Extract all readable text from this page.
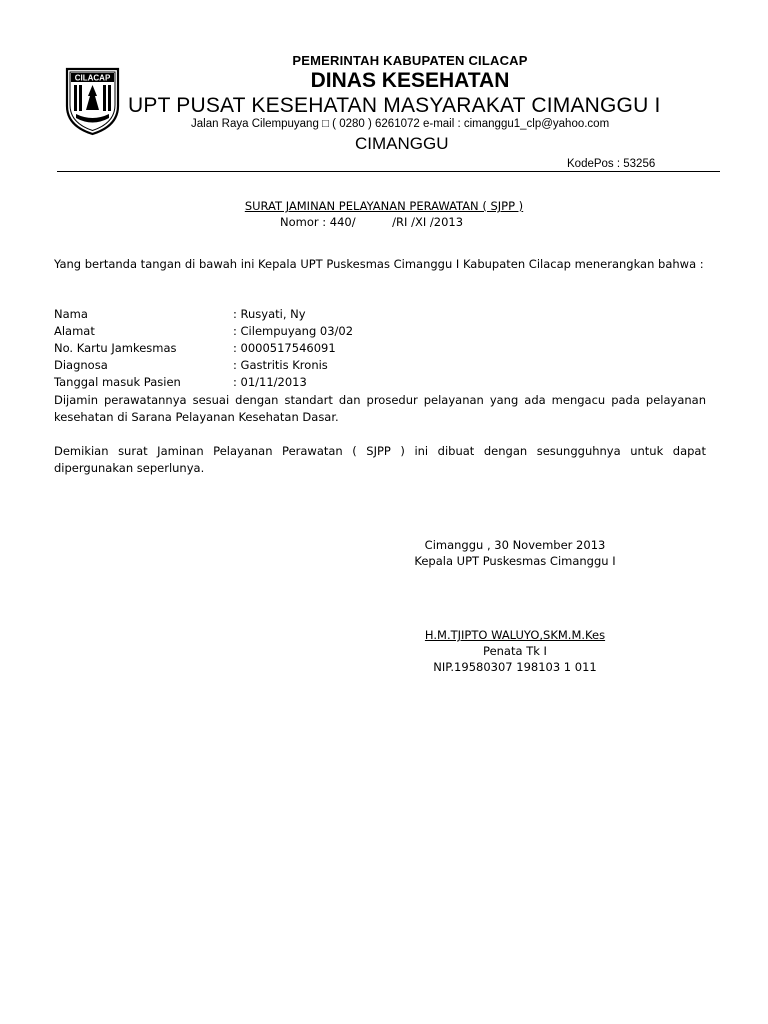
CILACAP
PEMERINTAH KABUPATEN CILACAP
DINAS KESEHATAN
UPT PUSAT KESEHATAN MASYARAKAT CIMANGGU I
Jalan Raya Cilempuyang □ ( 0280 ) 6261072 e-mail : cimanggu1_clp@yahoo.com
CIMANGGU
KodePos : 53256
SURAT JAMINAN PELAYANAN PERAWATAN ( SJPP )
Nomor : 440/          /RI /XI /2013
Yang bertanda tangan di bawah ini Kepala UPT Puskesmas Cimanggu I Kabupaten Cilacap menerangkan bahwa :
Nama	: Rusyati, Ny
Alamat	: Cilempuyang 03/02
No. Kartu Jamkesmas	: 0000517546091
Diagnosa	: Gastritis Kronis
Tanggal masuk Pasien	: 01/11/2013
Dijamin perawatannya sesuai dengan standart dan prosedur pelayanan yang ada mengacu pada pelayanan kesehatan di Sarana Pelayanan Kesehatan Dasar.
Demikian surat Jaminan Pelayanan Perawatan ( SJPP ) ini dibuat dengan sesungguhnya untuk dapat dipergunakan seperlunya.
Cimanggu , 30 November 2013
Kepala UPT Puskesmas Cimanggu I
H.M.TJIPTO WALUYO,SKM.M.Kes
Penata Tk I
NIP.19580307 198103 1 011
